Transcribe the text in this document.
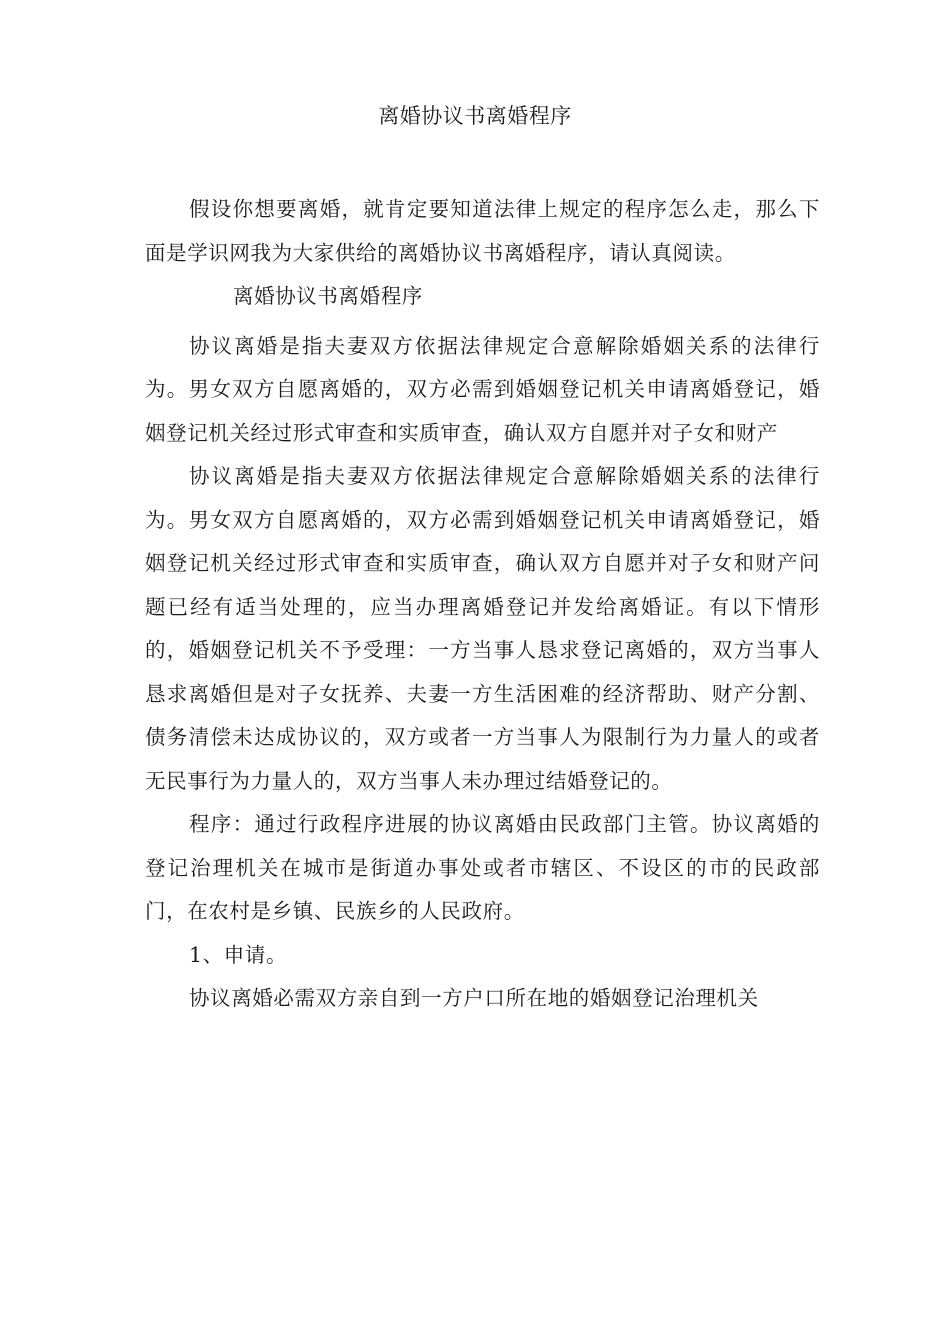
离婚协议书离婚程序

假设你想要离婚，就肯定要知道法律上规定的程序怎么走，那么下面是学识网我为大家供给的离婚协议书离婚程序，请认真阅读。

离婚协议书离婚程序

协议离婚是指夫妻双方依据法律规定合意解除婚姻关系的法律行为。男女双方自愿离婚的，双方必需到婚姻登记机关申请离婚登记，婚姻登记机关经过形式审查和实质审查，确认双方自愿并对子女和财产

协议离婚是指夫妻双方依据法律规定合意解除婚姻关系的法律行为。男女双方自愿离婚的，双方必需到婚姻登记机关申请离婚登记，婚姻登记机关经过形式审查和实质审查，确认双方自愿并对子女和财产问题已经有适当处理的，应当办理离婚登记并发给离婚证。有以下情形的，婚姻登记机关不予受理：一方当事人恳求登记离婚的，双方当事人恳求离婚但是对子女抚养、夫妻一方生活困难的经济帮助、财产分割、债务清偿未达成协议的，双方或者一方当事人为限制行为力量人的或者无民事行为力量人的，双方当事人未办理过结婚登记的。

程序：通过行政程序进展的协议离婚由民政部门主管。协议离婚的登记治理机关在城市是街道办事处或者市辖区、不设区的市的民政部门，在农村是乡镇、民族乡的人民政府。

1、申请。

协议离婚必需双方亲自到一方户口所在地的婚姻登记治理机关
